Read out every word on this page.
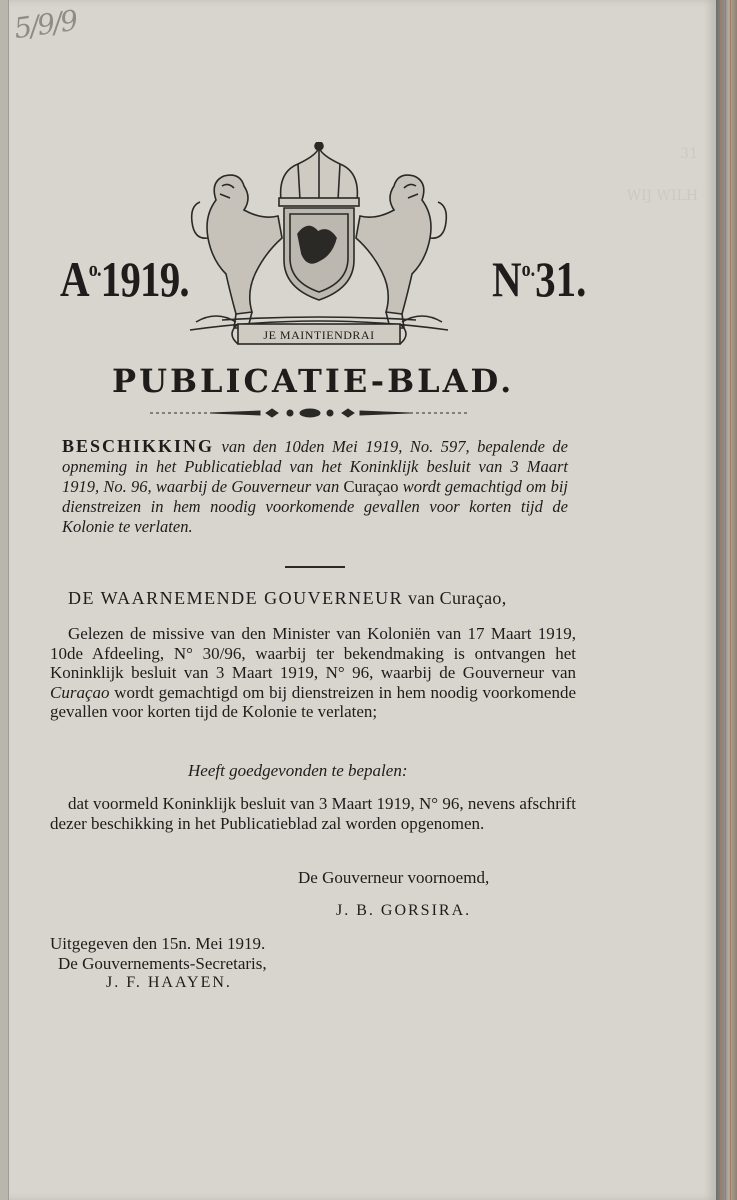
5/9/9
31
WIJ WILH
$A^{o.}1919$.
JE MAINTIENDRAI
$N^{o.}31$.
PUBLICATIE-BLAD.
BESCHIKKING van den 10den Mei 1919, No. 597, bepalende de opneming in het Publicatieblad van het Koninklijk besluit van 3 Maart 1919, No. 96, waarbij de Gouverneur van Curaçao wordt gemachtigd om bij dienstreizen in hem noodig voorkomende gevallen voor korten tijd de Kolonie te verlaten.
DE WAARNEMENDE GOUVERNEUR van Curaçao,
Gelezen de missive van den Minister van Koloniën van 17 Maart 1919, 10de Afdeeling, N° 30/96, waarbij ter bekendmaking is ontvangen het Koninklijk besluit van 3 Maart 1919, N° 96, waarbij de Gouverneur van Curaçao wordt gemachtigd om bij dienstreizen in hem noodig voorkomende gevallen voor korten tijd de Kolonie te verlaten;
Heeft goedgevonden te bepalen:
dat voormeld Koninklijk besluit van 3 Maart 1919, N° 96, nevens afschrift dezer beschikking in het Publicatieblad zal worden opgenomen.
De Gouverneur voornoemd,
J. B. GORSIRA.
Uitgegeven den 15n. Mei 1919.
De Gouvernements-Secretaris,
J. F. HAAYEN.
